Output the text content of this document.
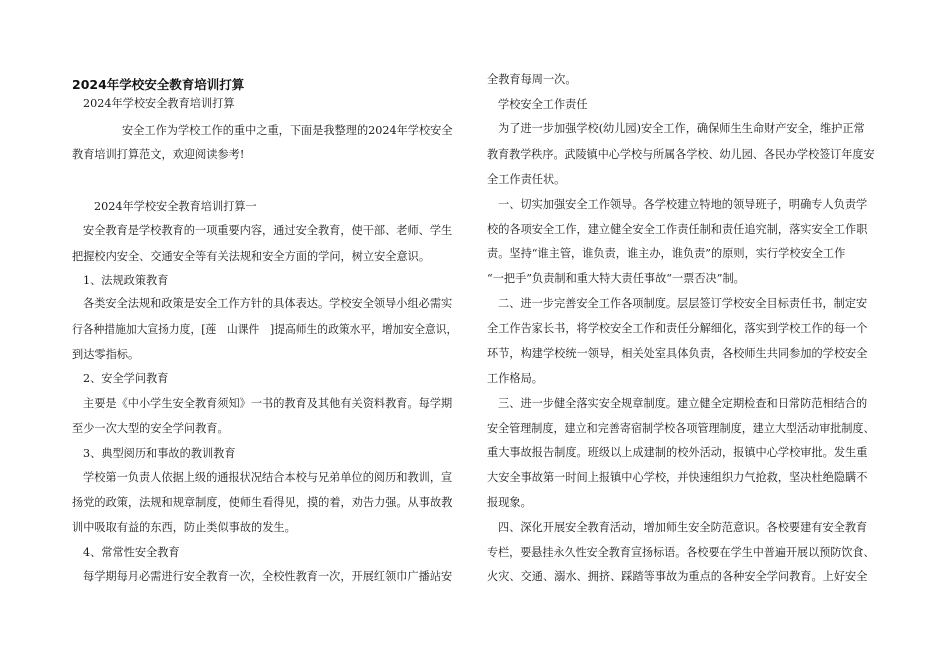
2024年学校安全教育培训打算
2024年学校安全教育培训打算
安全工作为学校工作的重中之重，下面是我整理的2024年学校安全
教育培训打算范文，欢迎阅读参考!
2024年学校安全教育培训打算一
安全教育是学校教育的一项重要内容，通过安全教育，使干部、老师、学生
把握校内安全、交通安全等有关法规和安全方面的学问，树立安全意识。
1、法规政策教育
各类安全法规和政策是安全工作方针的具体表达。学校安全领导小组必需实
行各种措施加大宣扬力度，[莲　山课件　]提高师生的政策水平，增加安全意识，
到达零指标。
2、安全学问教育
主要是《中小学生安全教育须知》一书的教育及其他有关资料教育。每学期
至少一次大型的安全学问教育。
3、典型阅历和事故的教训教育
学校第一负责人依据上级的通报状况结合本校与兄弟单位的阅历和教训，宣
扬党的政策，法规和规章制度，使师生看得见，摸的着，劝告力强。从事故教
训中吸取有益的东西，防止类似事故的发生。
4、常常性安全教育
每学期每月必需进行安全教育一次，全校性教育一次，开展红领巾广播站安
全教育每周一次。
学校安全工作责任
为了进一步加强学校(幼儿园)安全工作，确保师生生命财产安全，维护正常
教育教学秩序。武陵镇中心学校与所属各学校、幼儿园、各民办学校签订年度安
全工作责任状。
一、切实加强安全工作领导。各学校建立特地的领导班子，明确专人负责学
校的各项安全工作，建立健全安全工作责任制和责任追究制，落实安全工作职
责。坚持“谁主管，谁负责，谁主办，谁负责”的原则，实行学校安全工作
“一把手”负责制和重大特大责任事故“一票否决”制。
二、进一步完善安全工作各项制度。层层签订学校安全目标责任书，制定安
全工作告家长书，将学校安全工作和责任分解细化，落实到学校工作的每一个
环节，构建学校统一领导，相关处室具体负责，各校师生共同参加的学校安全
工作格局。
三、进一步健全落实安全规章制度。建立健全定期检查和日常防范相结合的
安全管理制度，建立和完善寄宿制学校各项管理制度，建立大型活动审批制度、
重大事故报告制度。班级以上成建制的校外活动，报镇中心学校审批。发生重
大安全事故第一时间上报镇中心学校，并快速组织力气抢救，坚决杜绝隐瞒不
报现象。
四、深化开展安全教育活动，增加师生安全防范意识。各校要建有安全教育
专栏，要悬挂永久性安全教育宣扬标语。各校要在学生中普遍开展以预防饮食、
火灾、交通、溺水、拥挤、踩踏等事故为重点的各种安全学问教育。上好安全
